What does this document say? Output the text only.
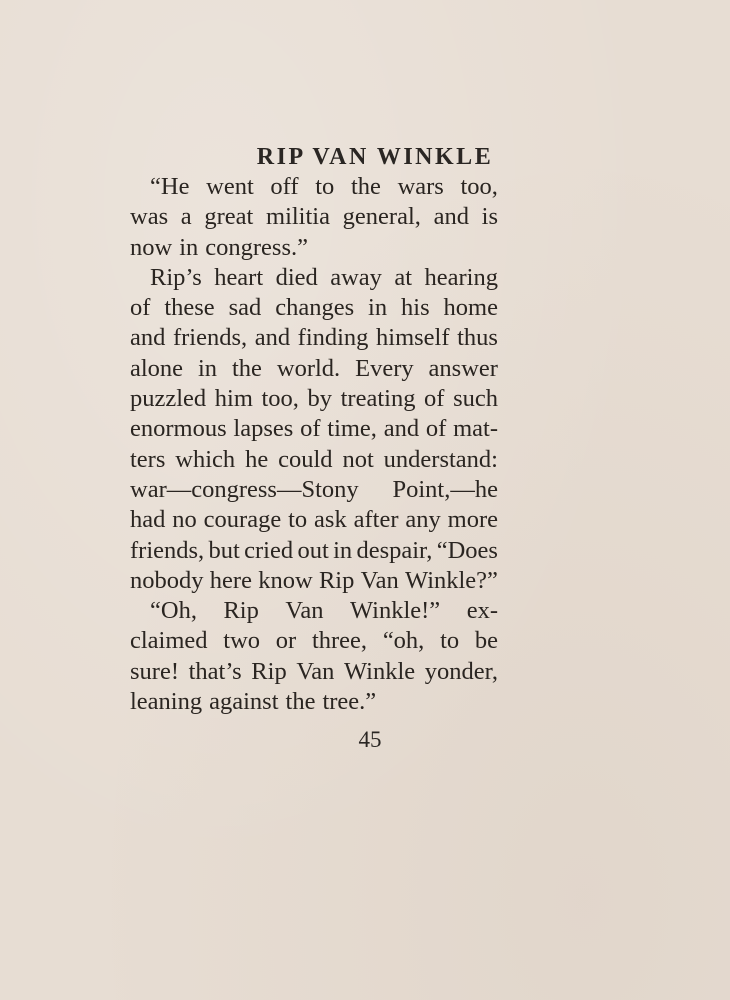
RIP VAN WINKLE
“He went off to the wars too,
was a great militia general, and is
now in congress.”
Rip’s heart died away at hearing
of these sad changes in his home
and friends, and finding himself thus
alone in the world. Every answer
puzzled him too, by treating of such
enormous lapses of time, and of mat-
ters which he could not understand:
war—congress—Stony Point,—he
had no courage to ask after any more
friends, but cried out in despair, “Does
nobody here know Rip Van Winkle?”
“Oh, Rip Van Winkle!” ex-
claimed two or three, “oh, to be
sure! that’s Rip Van Winkle yonder,
leaning against the tree.”
45
